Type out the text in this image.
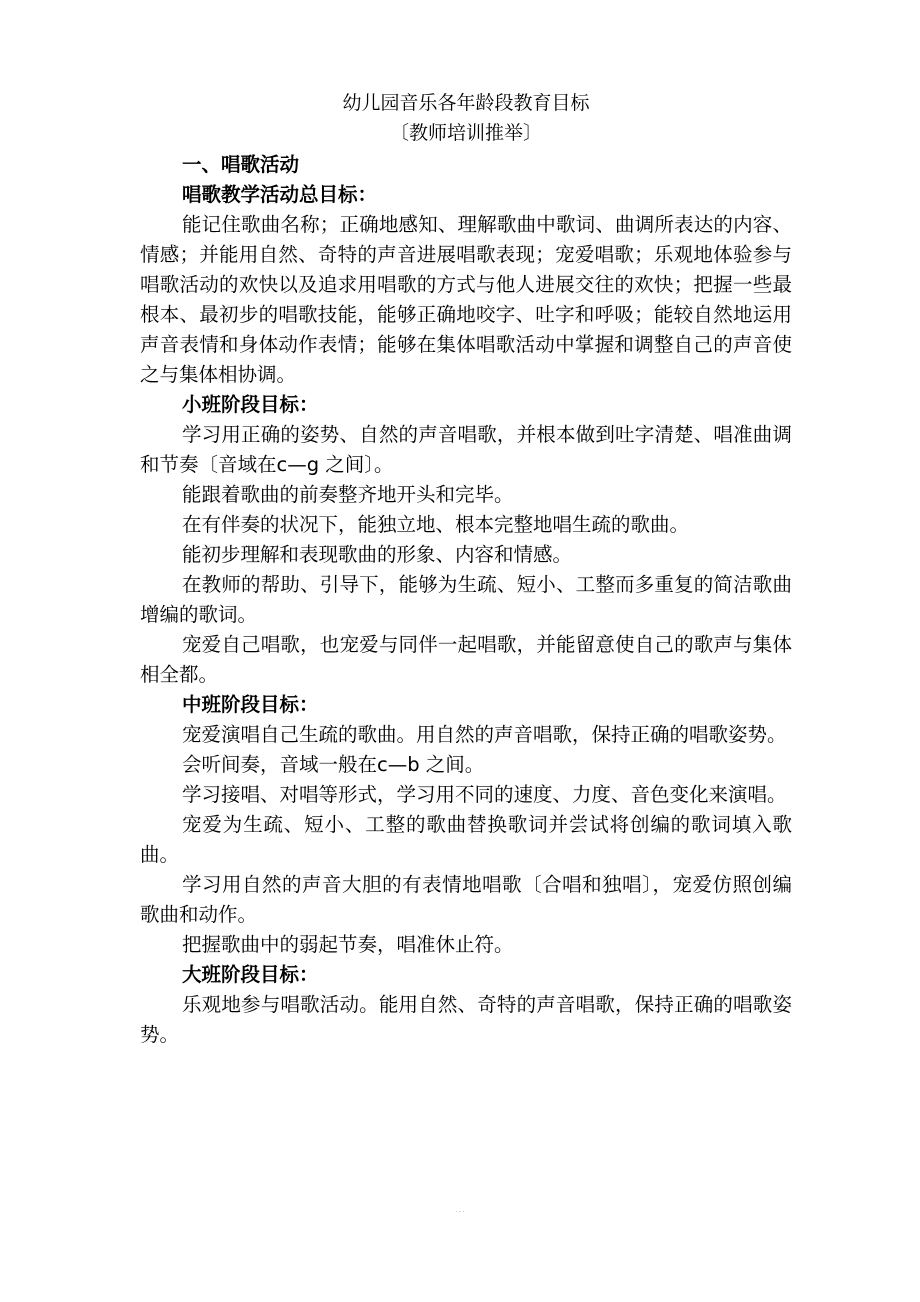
幼儿园音乐各年龄段教育目标

〔教师培训推举〕

一、唱歌活动

唱歌教学活动总目标：

能记住歌曲名称；正确地感知、理解歌曲中歌词、曲调所表达的内容、情感；并能用自然、奇特的声音进展唱歌表现；宠爱唱歌；乐观地体验参与唱歌活动的欢快以及追求用唱歌的方式与他人进展交往的欢快；把握一些最根本、最初步的唱歌技能，能够正确地咬字、吐字和呼吸；能较自然地运用声音表情和身体动作表情；能够在集体唱歌活动中掌握和调整自己的声音使之与集体相协调。

小班阶段目标：

学习用正确的姿势、自然的声音唱歌，并根本做到吐字清楚、唱准曲调和节奏〔音域在c—g 之间〕。

能跟着歌曲的前奏整齐地开头和完毕。

在有伴奏的状况下，能独立地、根本完整地唱生疏的歌曲。

能初步理解和表现歌曲的形象、内容和情感。

在教师的帮助、引导下，能够为生疏、短小、工整而多重复的简洁歌曲增编的歌词。

宠爱自己唱歌，也宠爱与同伴一起唱歌，并能留意使自己的歌声与集体相全都。

中班阶段目标：

宠爱演唱自己生疏的歌曲。用自然的声音唱歌，保持正确的唱歌姿势。

会听间奏，音域一般在c—b 之间。

学习接唱、对唱等形式，学习用不同的速度、力度、音色变化来演唱。

宠爱为生疏、短小、工整的歌曲替换歌词并尝试将创编的歌词填入歌曲。

学习用自然的声音大胆的有表情地唱歌〔合唱和独唱〕，宠爱仿照创编歌曲和动作。

把握歌曲中的弱起节奏，唱准休止符。

大班阶段目标：

乐观地参与唱歌活动。能用自然、奇特的声音唱歌，保持正确的唱歌姿势。

...
